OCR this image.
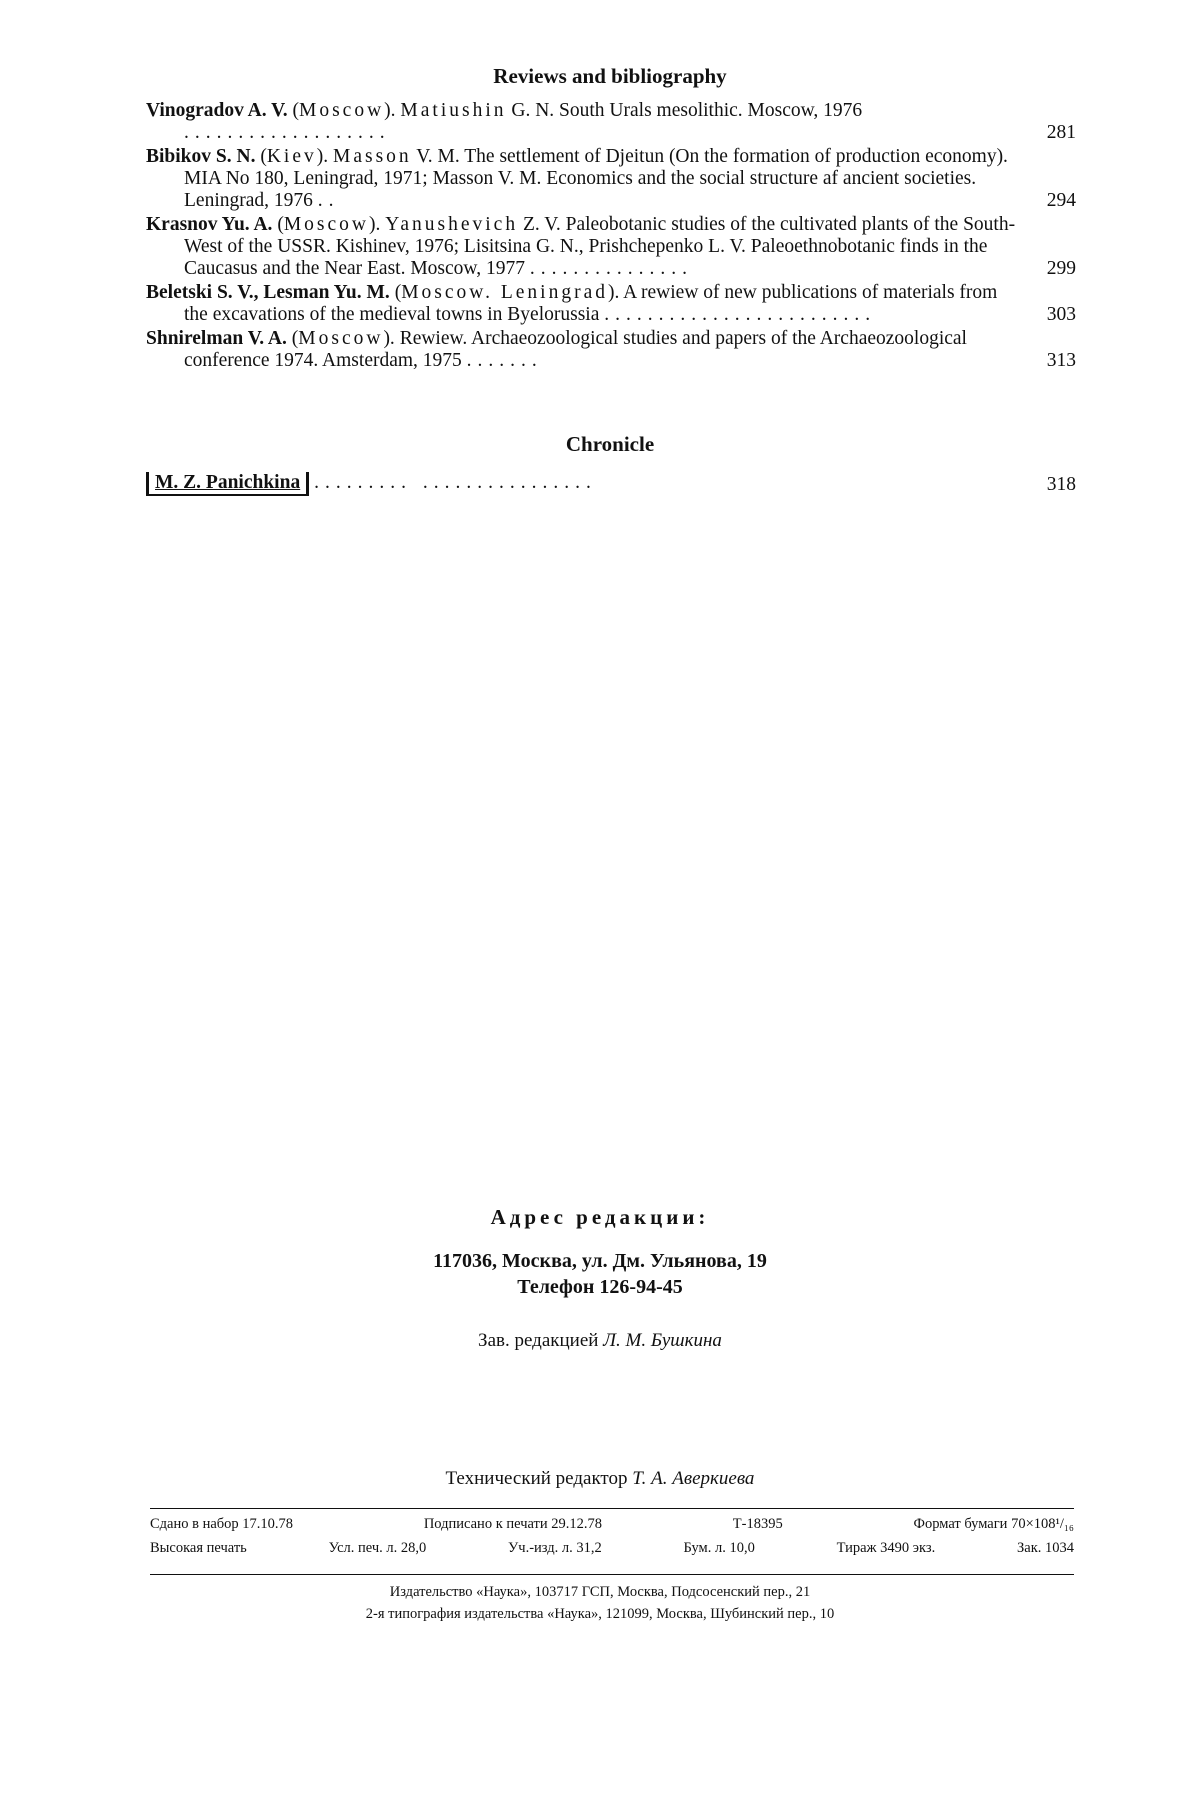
Reviews and bibliography
Vinogradov A. V. (Moscow). Matiushin G. N. South Urals mesolithic. Moscow, 1976 ...................	281
Bibikov S. N. (Kiev). Masson V. M. The settlement of Djeitun (On the formation of production economy). MIA No 180, Leningrad, 1971; Masson V. M. Economics and the social structure af ancient societies. Leningrad, 1976 ..	294
Krasnov Yu. A. (Moscow). Yanushevich Z. V. Paleobotanic studies of the cultivated plants of the South-West of the USSR. Kishinev, 1976; Lisitsina G. N., Prishchepenko L. V. Paleoethnobotanic finds in the Caucasus and the Near East. Moscow, 1977 ...............	299
Beletski S. V., Lesman Yu. M. (Moscow. Leningrad). A rewiew of new publications of materials from the excavations of the medieval towns in Byelorussia .........................	303
Shnirelman V. A. (Moscow). Rewiew. Archaeozoological studies and papers of the Archaeozoological conference 1974. Amsterdam, 1975 .......	313
Chronicle
M. Z. Panichkina ......... ................	318
Адрес редакции:
117036, Москва, ул. Дм. Ульянова, 19
Телефон 126-94-45
Зав. редакцией Л. М. Бушкина
Технический редактор Т. А. Аверкиева
Сдано в набор 17.10.78	Подписано к печати 29.12.78	Т-18395	Формат бумаги 70×108¹/₁₆
Высокая печать	Усл. печ. л. 28,0	Уч.-изд. л. 31,2	Бум. л. 10,0	Тираж 3490 экз.	Зак. 1034
Издательство «Наука», 103717 ГСП, Москва, Подсосенский пер., 21
2-я типография издательства «Наука», 121099, Москва, Шубинский пер., 10
